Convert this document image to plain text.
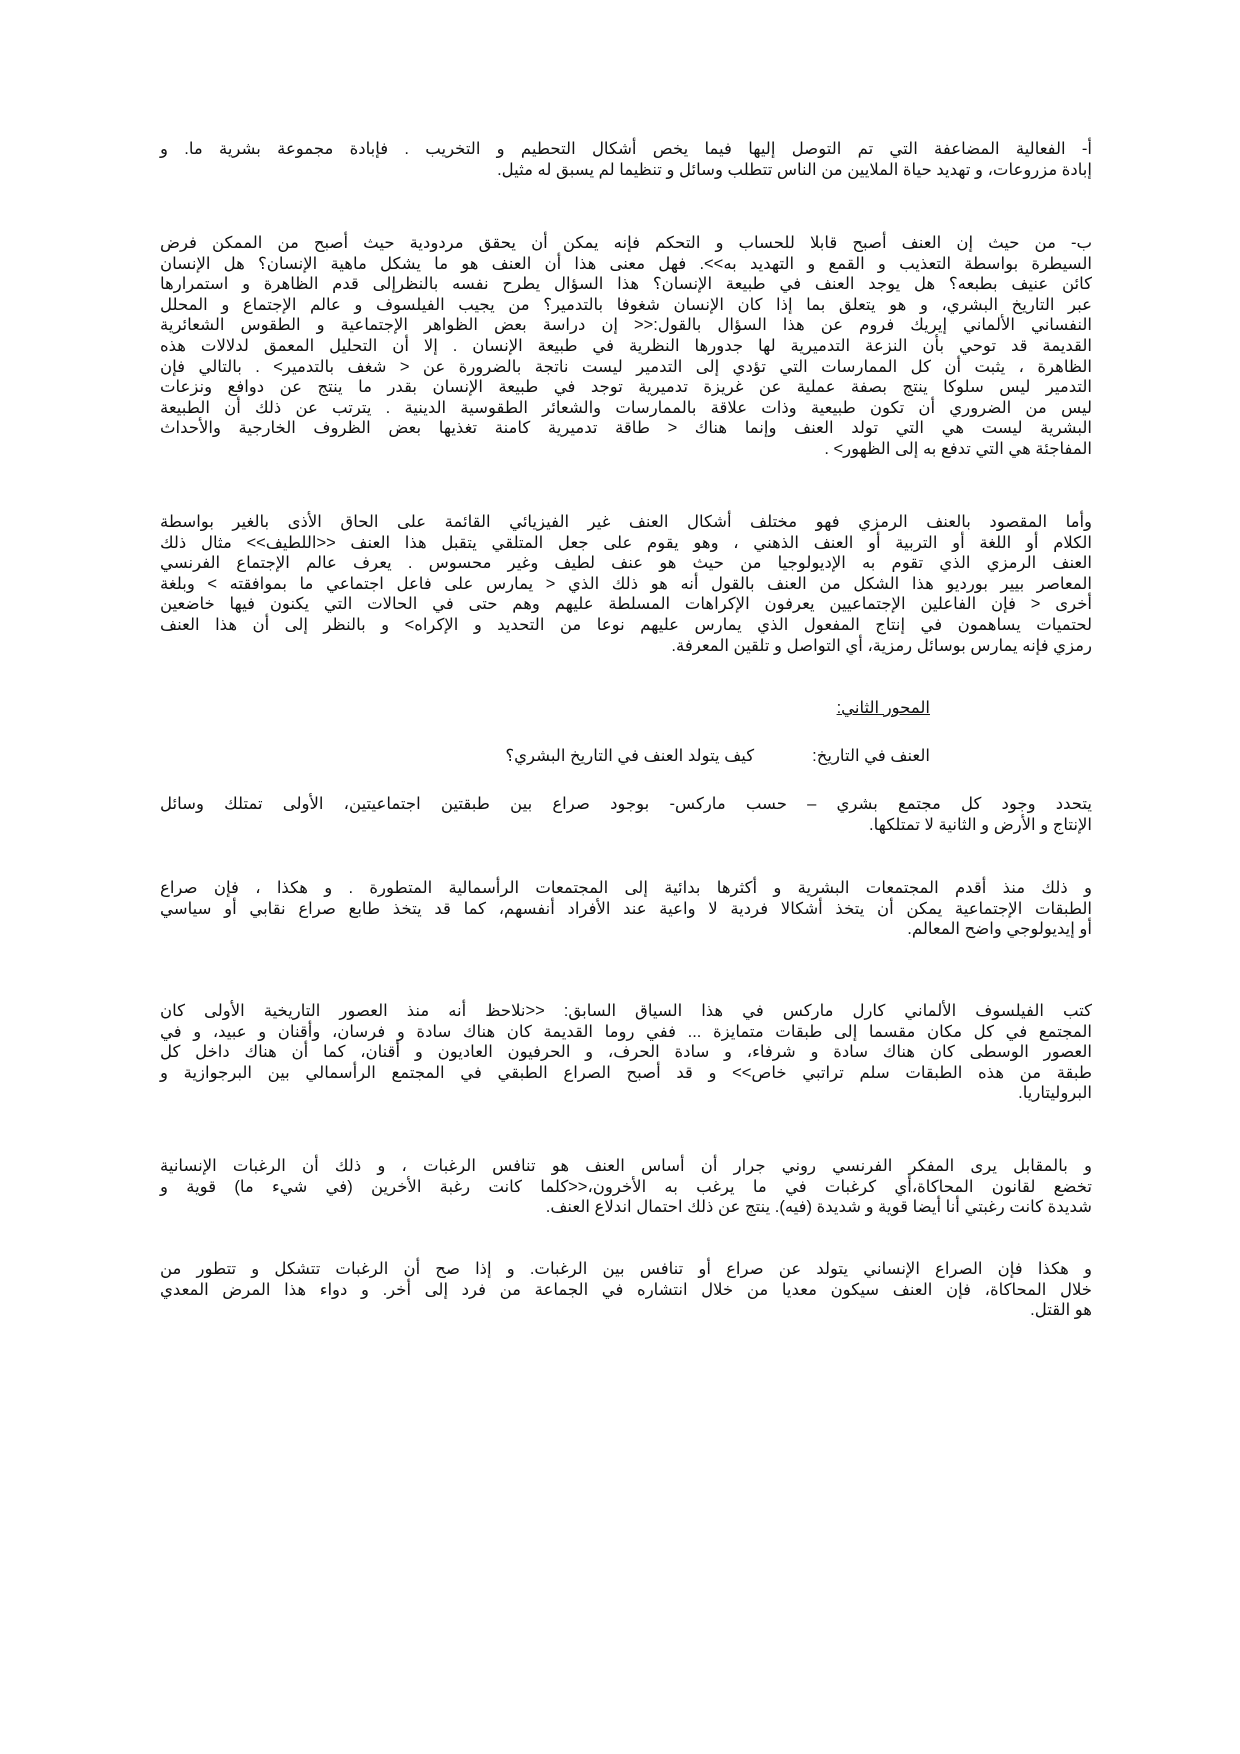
أ- الفعالية المضاعفة التي تم التوصل إليها فيما يخص أشكال التحطيم و التخريب . فإبادة مجموعة بشرية ما. و
إبادة مزروعات، و تهديد حياة الملايين من الناس تتطلب وسائل و تنظيما لم يسبق له مثيل.
ب- من حيث إن العنف أصبح قابلا للحساب و التحكم فإنه يمكن أن يحقق مردودية حيث أصبح من الممكن فرض
السيطرة بواسطة التعذيب و القمع و التهديد به>>. فهل معنى هذا أن العنف هو ما يشكل ماهية الإنسان؟ هل الإنسان
كائن عنيف بطبعه؟ هل يوجد العنف في طبيعة الإنسان؟ هذا السؤال يطرح نفسه بالنظرإلى قدم الظاهرة و استمرارها
عبر التاريخ البشري، و هو يتعلق بما إذا كان الإنسان شغوفا بالتدمير؟ من يجيب الفيلسوف و عالم الإجتماع و المحلل
النفساني الألماني إيريك فروم عن هذا السؤال بالقول:<< إن دراسة بعض الظواهر الإجتماعية و الطقوس الشعائرية
القديمة قد توحي بأن النزعة التدميرية لها جدورها النظرية في طبيعة الإنسان . إلا أن التحليل المعمق لدلالات هذه
الظاهرة ، يثبت أن كل الممارسات التي تؤدي إلى التدمير ليست ناتجة بالضرورة عن < شغف بالتدمير> . بالتالي فإن
التدمير ليس سلوكا ينتج بصفة عملية عن غريزة تدميرية توجد في طبيعة الإنسان بقدر ما ينتج عن دوافع ونزعات
ليس من الضروري أن تكون طبيعية وذات علاقة بالممارسات والشعائر الطقوسية الدينية . يترتب عن ذلك أن الطبيعة
البشرية ليست هي التي تولد العنف وإنما هناك < طاقة تدميرية كامنة تغذيها بعض الظروف الخارجية والأحداث
المفاجئة هي التي تدفع به إلى الظهور> .
وأما المقصود بالعنف الرمزي فهو مختلف أشكال العنف غير الفيزيائي القائمة على الحاق الأذى بالغير بواسطة
الكلام أو اللغة أو التربية أو العنف الذهني ، وهو يقوم على جعل المتلقي يتقبل هذا العنف <<اللطيف>> مثال ذلك
العنف الرمزي الذي تقوم به الإديولوجيا من حيث هو عنف لطيف وغير محسوس . يعرف عالم الإجتماع الفرنسي
المعاصر بيير بورديو هذا الشكل من العنف بالقول أنه هو ذلك الذي < يمارس على فاعل اجتماعي ما بموافقته > وبلغة
أخرى < فإن الفاعلين الإجتماعيين يعرفون الإكراهات المسلطة عليهم وهم حتى في الحالات التي يكنون فيها خاضعين
لحتميات يساهمون في إنتاج المفعول الذي يمارس عليهم نوعا من التحديد و الإكراه> و بالنظر إلى أن هذا العنف
رمزي فإنه يمارس بوسائل رمزية، أي التواصل و تلقين المعرفة.
المحور الثاني:
العنف في التاريخ:كيف يتولد العنف في التاريخ البشري؟
يتحدد وجود كل مجتمع بشري – حسب ماركس- بوجود صراع بين طبقتين اجتماعيتين، الأولى تمتلك وسائل
الإنتاج و الأرض و الثانية لا تمتلكها.
و ذلك منذ أقدم المجتمعات البشرية و أكثرها بدائية إلى المجتمعات الرأسمالية المتطورة . و هكذا ، فإن صراع
الطبقات الإجتماعية يمكن أن يتخذ أشكالا فردية لا واعية عند الأفراد أنفسهم، كما قد يتخذ طابع صراع نقابي أو سياسي
أو إيديولوجي واضح المعالم.
كتب الفيلسوف الألماني كارل ماركس في هذا السياق السابق: <<نلاحظ أنه منذ العصور التاريخية الأولى كان
المجتمع في كل مكان مقسما إلى طبقات متمايزة ... ففي روما القديمة كان هناك سادة و فرسان، وأقنان و عبيد، و في
العصور الوسطى كان هناك سادة و شرفاء، و سادة الحرف، و الحرفيون العاديون و أقنان، كما أن هناك داخل كل
طبقة من هذه الطبقات سلم تراتبي خاص>> و قد أصبح الصراع الطبقي في المجتمع الرأسمالي بين البرجوازية و
البروليتاريا.
و بالمقابل يرى المفكر الفرنسي روني جرار أن أساس العنف هو تنافس الرغبات ، و ذلك أن الرغبات الإنسانية
تخضع لقانون المحاكاة،أي كرغبات في ما يرغب به الأخرون،<<كلما كانت رغبة الأخرين (في شيء ما) قوية و
شديدة كانت رغبتي أنا أيضا قوية و شديدة (فيه). ينتج عن ذلك احتمال اندلاع العنف.
و هكذا فإن الصراع الإنساني يتولد عن صراع أو تنافس بين الرغبات. و إذا صح أن الرغبات تتشكل و تتطور من
خلال المحاكاة، فإن العنف سيكون معديا من خلال انتشاره في الجماعة من فرد إلى أخر. و دواء هذا المرض المعدي
هو القتل.
